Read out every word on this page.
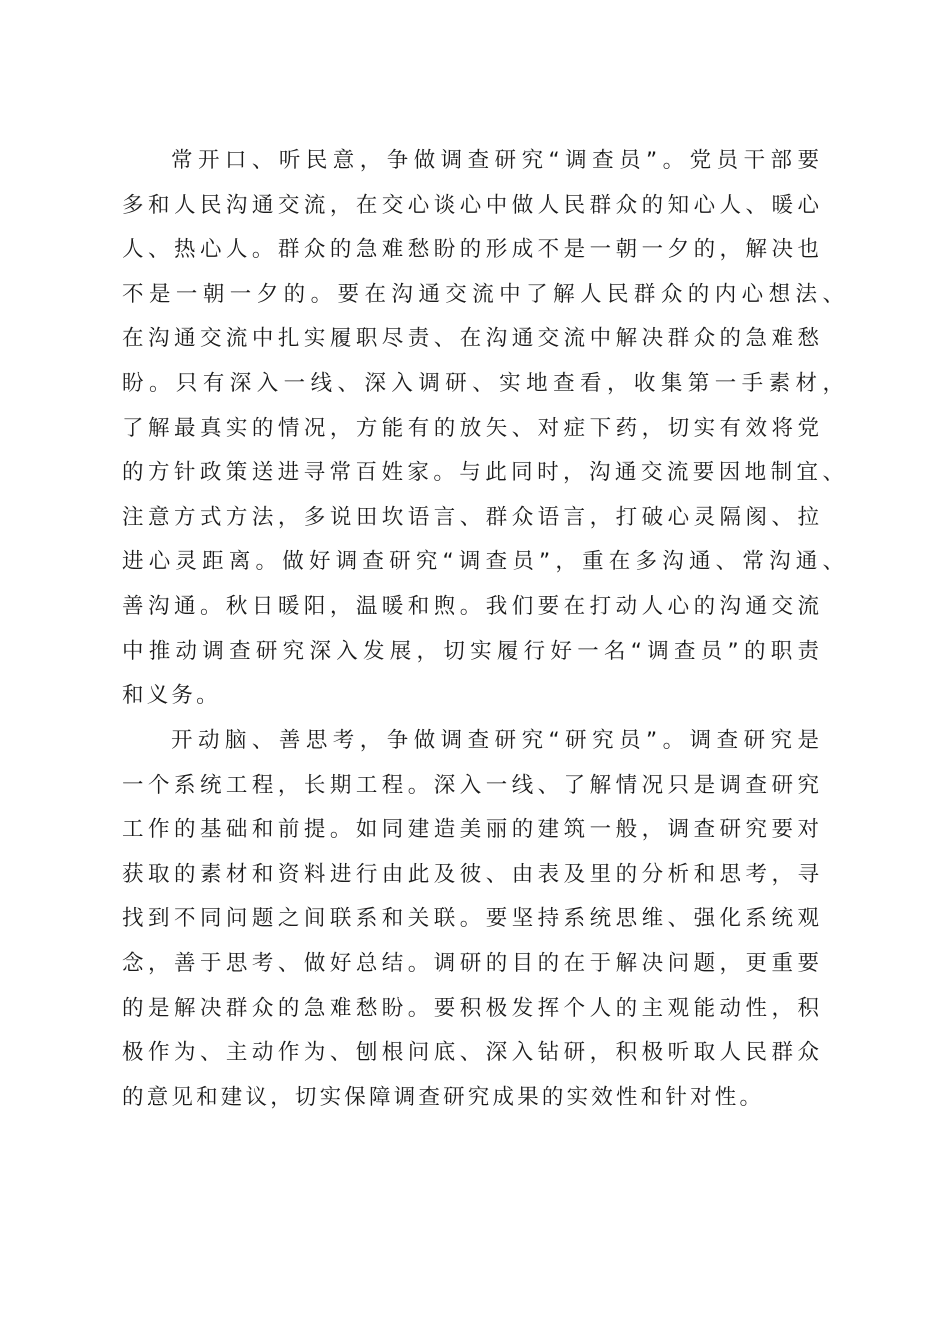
常开口、听民意，争做调查研究“调查员”。党员干部要
多和人民沟通交流，在交心谈心中做人民群众的知心人、暖心
人、热心人。群众的急难愁盼的形成不是一朝一夕的，解决也
不是一朝一夕的。要在沟通交流中了解人民群众的内心想法、
在沟通交流中扎实履职尽责、在沟通交流中解决群众的急难愁
盼。只有深入一线、深入调研、实地查看，收集第一手素材，
了解最真实的情况，方能有的放矢、对症下药，切实有效将党
的方针政策送进寻常百姓家。与此同时，沟通交流要因地制宜、
注意方式方法，多说田坎语言、群众语言，打破心灵隔阂、拉
进心灵距离。做好调查研究“调查员”，重在多沟通、常沟通、
善沟通。秋日暖阳，温暖和煦。我们要在打动人心的沟通交流
中推动调查研究深入发展，切实履行好一名“调查员”的职责
和义务。
开动脑、善思考，争做调查研究“研究员”。调查研究是
一个系统工程，长期工程。深入一线、了解情况只是调查研究
工作的基础和前提。如同建造美丽的建筑一般，调查研究要对
获取的素材和资料进行由此及彼、由表及里的分析和思考，寻
找到不同问题之间联系和关联。要坚持系统思维、强化系统观
念，善于思考、做好总结。调研的目的在于解决问题，更重要
的是解决群众的急难愁盼。要积极发挥个人的主观能动性，积
极作为、主动作为、刨根问底、深入钻研，积极听取人民群众
的意见和建议，切实保障调查研究成果的实效性和针对性。
